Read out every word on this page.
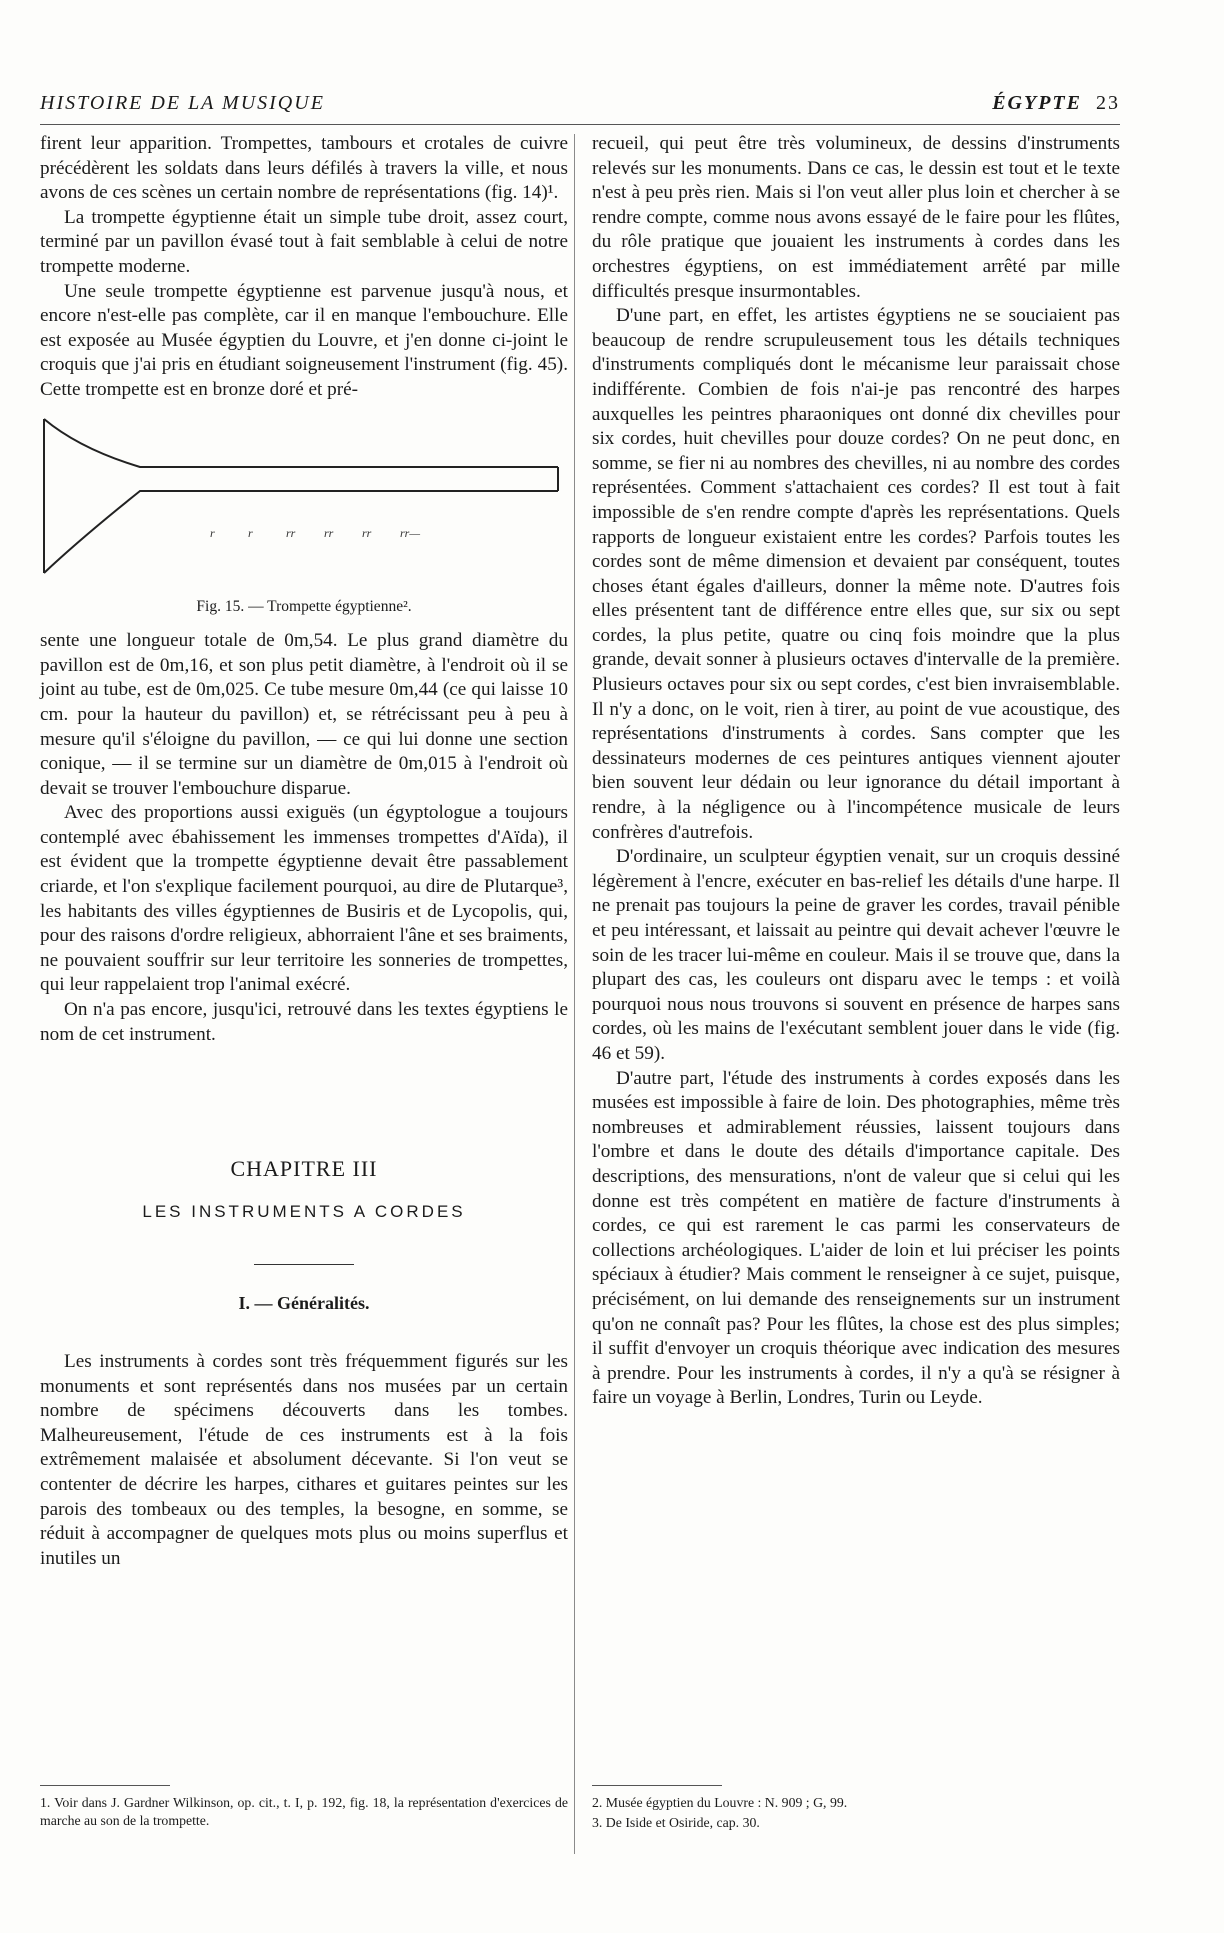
HISTOIRE DE LA MUSIQUE	ÉGYPTE 23

firent leur apparition. Trompettes, tambours et crotales de cuivre précédèrent les soldats dans leurs défilés à travers la ville, et nous avons de ces scènes un certain nombre de représentations (fig. 14)¹.

La trompette égyptienne était un simple tube droit, assez court, terminé par un pavillon évasé tout à fait semblable à celui de notre trompette moderne.

Une seule trompette égyptienne est parvenue jusqu'à nous, et encore n'est-elle pas complète, car il en manque l'embouchure. Elle est exposée au Musée égyptien du Louvre, et j'en donne ci-joint le croquis que j'ai pris en étudiant soigneusement l'instrument (fig. 45). Cette trompette est en bronze doré et pré-

r	r	rr rr rr rr—
Fig. 15. — Trompette égyptienne².

sente une longueur totale de 0m,54. Le plus grand diamètre du pavillon est de 0m,16, et son plus petit diamètre, à l'endroit où il se joint au tube, est de 0m,025. Ce tube mesure 0m,44 (ce qui laisse 10 cm. pour la hauteur du pavillon) et, se rétrécissant peu à peu à mesure qu'il s'éloigne du pavillon, — ce qui lui donne une section conique, — il se termine sur un diamètre de 0m,015 à l'endroit où devait se trouver l'embouchure disparue.

Avec des proportions aussi exiguës (un égyptologue a toujours contemplé avec ébahissement les immenses trompettes d'Aïda), il est évident que la trompette égyptienne devait être passablement criarde, et l'on s'explique facilement pourquoi, au dire de Plutarque³, les habitants des villes égyptiennes de Busiris et de Lycopolis, qui, pour des raisons d'ordre religieux, abhorraient l'âne et ses braiments, ne pouvaient souffrir sur leur territoire les sonneries de trompettes, qui leur rappelaient trop l'animal exécré.

On n'a pas encore, jusqu'ici, retrouvé dans les textes égyptiens le nom de cet instrument.

CHAPITRE III
LES INSTRUMENTS A CORDES
I. — Généralités.

Les instruments à cordes sont très fréquemment figurés sur les monuments et sont représentés dans nos musées par un certain nombre de spécimens découverts dans les tombes. Malheureusement, l'étude de ces instruments est à la fois extrêmement malaisée et absolument décevante. Si l'on veut se contenter de décrire les harpes, cithares et guitares peintes sur les parois des tombeaux ou des temples, la besogne, en somme, se réduit à accompagner de quelques mots plus ou moins superflus et inutiles un

recueil, qui peut être très volumineux, de dessins d'instruments relevés sur les monuments. Dans ce cas, le dessin est tout et le texte n'est à peu près rien. Mais si l'on veut aller plus loin et chercher à se rendre compte, comme nous avons essayé de le faire pour les flûtes, du rôle pratique que jouaient les instruments à cordes dans les orchestres égyptiens, on est immédiatement arrêté par mille difficultés presque insurmontables.

D'une part, en effet, les artistes égyptiens ne se souciaient pas beaucoup de rendre scrupuleusement tous les détails techniques d'instruments compliqués dont le mécanisme leur paraissait chose indifférente. Combien de fois n'ai-je pas rencontré des harpes auxquelles les peintres pharaoniques ont donné dix chevilles pour six cordes, huit chevilles pour douze cordes? On ne peut donc, en somme, se fier ni au nombres des chevilles, ni au nombre des cordes représentées. Comment s'attachaient ces cordes? Il est tout à fait impossible de s'en rendre compte d'après les représentations. Quels rapports de longueur existaient entre les cordes? Parfois toutes les cordes sont de même dimension et devaient par conséquent, toutes choses étant égales d'ailleurs, donner la même note. D'autres fois elles présentent tant de différence entre elles que, sur six ou sept cordes, la plus petite, quatre ou cinq fois moindre que la plus grande, devait sonner à plusieurs octaves d'intervalle de la première. Plusieurs octaves pour six ou sept cordes, c'est bien invraisemblable. Il n'y a donc, on le voit, rien à tirer, au point de vue acoustique, des représentations d'instruments à cordes. Sans compter que les dessinateurs modernes de ces peintures antiques viennent ajouter bien souvent leur dédain ou leur ignorance du détail important à rendre, à la négligence ou à l'incompétence musicale de leurs confrères d'autrefois.

D'ordinaire, un sculpteur égyptien venait, sur un croquis dessiné légèrement à l'encre, exécuter en bas-relief les détails d'une harpe. Il ne prenait pas toujours la peine de graver les cordes, travail pénible et peu intéressant, et laissait au peintre qui devait achever l'œuvre le soin de les tracer lui-même en couleur. Mais il se trouve que, dans la plupart des cas, les couleurs ont disparu avec le temps : et voilà pourquoi nous nous trouvons si souvent en présence de harpes sans cordes, où les mains de l'exécutant semblent jouer dans le vide (fig. 46 et 59).

D'autre part, l'étude des instruments à cordes exposés dans les musées est impossible à faire de loin. Des photographies, même très nombreuses et admirablement réussies, laissent toujours dans l'ombre et dans le doute des détails d'importance capitale. Des descriptions, des mensurations, n'ont de valeur que si celui qui les donne est très compétent en matière de facture d'instruments à cordes, ce qui est rarement le cas parmi les conservateurs de collections archéologiques. L'aider de loin et lui préciser les points spéciaux à étudier? Mais comment le renseigner à ce sujet, puisque, précisément, on lui demande des renseignements sur un instrument qu'on ne connaît pas? Pour les flûtes, la chose est des plus simples; il suffit d'envoyer un croquis théorique avec indication des mesures à prendre. Pour les instruments à cordes, il n'y a qu'à se résigner à faire un voyage à Berlin, Londres, Turin ou Leyde.

1. Voir dans J. Gardner Wilkinson, op. cit., t. I, p. 192, fig. 18, la représentation d'exercices de marche au son de la trompette.
2. Musée égyptien du Louvre : N. 909 ; G, 99.
3. De Iside et Osiride, cap. 30.
